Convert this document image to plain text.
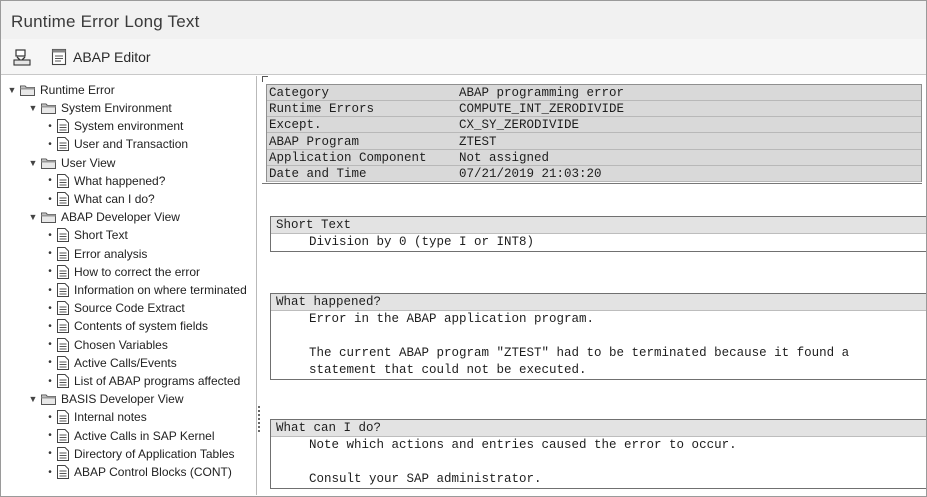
Runtime Error Long Text
ABAP Editor
▼ Runtime Error
▼ System Environment
• System environment
• User and Transaction
▼ User View
• What happened?
• What can I do?
▼ ABAP Developer View
• Short Text
• Error analysis
• How to correct the error
• Information on where terminated
• Source Code Extract
• Contents of system fields
• Chosen Variables
• Active Calls/Events
• List of ABAP programs affected
▼ BASIS Developer View
• Internal notes
• Active Calls in SAP Kernel
• Directory of Application Tables
• ABAP Control Blocks (CONT)
Category	ABAP programming error
Runtime Errors	COMPUTE_INT_ZERODIVIDE
Except.	CX_SY_ZERODIVIDE
ABAP Program	ZTEST
Application Component	Not assigned
Date and Time	07/21/2019 21:03:20
Short Text
Division by 0 (type I or INT8)
What happened?
Error in the ABAP application program.
The current ABAP program "ZTEST" had to be terminated because it found a
statement that could not be executed.
What can I do?
Note which actions and entries caused the error to occur.
Consult your SAP administrator.
